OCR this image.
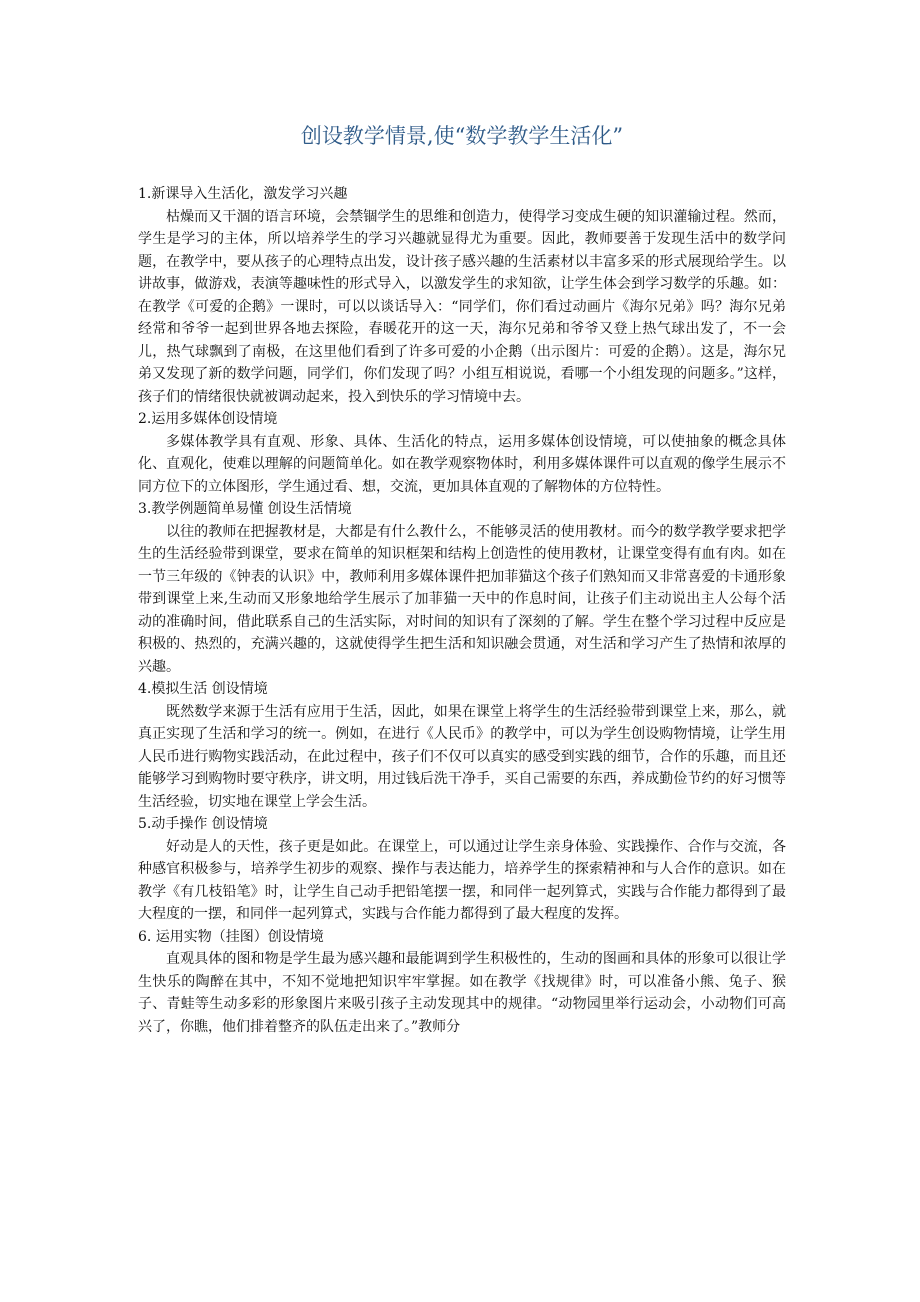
创设教学情景,使“数学教学生活化”

1.新课导入生活化，激发学习兴趣

枯燥而又干涸的语言环境，会禁锢学生的思维和创造力，使得学习变成生硬的知识灌输过程。然而，学生是学习的主体，所以培养学生的学习兴趣就显得尤为重要。因此，教师要善于发现生活中的数学问题，在教学中，要从孩子的心理特点出发，设计孩子感兴趣的生活素材以丰富多采的形式展现给学生。以讲故事，做游戏，表演等趣味性的形式导入，以激发学生的求知欲，让学生体会到学习数学的乐趣。如：在教学《可爱的企鹅》一课时，可以以谈话导入：“同学们，你们看过动画片《海尔兄弟》吗？海尔兄弟经常和爷爷一起到世界各地去探险，春暖花开的这一天，海尔兄弟和爷爷又登上热气球出发了，不一会儿，热气球飘到了南极，在这里他们看到了许多可爱的小企鹅（出示图片：可爱的企鹅）。这是，海尔兄弟又发现了新的数学问题，同学们，你们发现了吗？小组互相说说，看哪一个小组发现的问题多。”这样，孩子们的情绪很快就被调动起来，投入到快乐的学习情境中去。

2.运用多媒体创设情境

多媒体教学具有直观、形象、具体、生活化的特点，运用多媒体创设情境，可以使抽象的概念具体化、直观化，使难以理解的问题简单化。如在教学观察物体时，利用多媒体课件可以直观的像学生展示不同方位下的立体图形，学生通过看、想，交流，更加具体直观的了解物体的方位特性。

3.教学例题简单易懂 创设生活情境

以往的教师在把握教材是，大都是有什么教什么，不能够灵活的使用教材。而今的数学教学要求把学生的生活经验带到课堂，要求在简单的知识框架和结构上创造性的使用教材，让课堂变得有血有肉。如在一节三年级的《钟表的认识》中，教师利用多媒体课件把加菲猫这个孩子们熟知而又非常喜爱的卡通形象带到课堂上来,生动而又形象地给学生展示了加菲猫一天中的作息时间，让孩子们主动说出主人公每个活动的准确时间，借此联系自己的生活实际，对时间的知识有了深刻的了解。学生在整个学习过程中反应是积极的、热烈的，充满兴趣的，这就使得学生把生活和知识融会贯通，对生活和学习产生了热情和浓厚的兴趣。

4.模拟生活 创设情境

既然数学来源于生活有应用于生活，因此，如果在课堂上将学生的生活经验带到课堂上来，那么，就真正实现了生活和学习的统一。例如，在进行《人民币》的教学中，可以为学生创设购物情境，让学生用人民币进行购物实践活动，在此过程中，孩子们不仅可以真实的感受到实践的细节，合作的乐趣，而且还能够学习到购物时要守秩序，讲文明，用过钱后洗干净手，买自己需要的东西，养成勤俭节约的好习惯等生活经验，切实地在课堂上学会生活。

5.动手操作 创设情境

好动是人的天性，孩子更是如此。在课堂上，可以通过让学生亲身体验、实践操作、合作与交流，各种感官积极参与，培养学生初步的观察、操作与表达能力，培养学生的探索精神和与人合作的意识。如在教学《有几枝铅笔》时，让学生自己动手把铅笔摆一摆，和同伴一起列算式，实践与合作能力都得到了最大程度的一摆，和同伴一起列算式，实践与合作能力都得到了最大程度的发挥。

6. 运用实物（挂图）创设情境

直观具体的图和物是学生最为感兴趣和最能调到学生积极性的，生动的图画和具体的形象可以很让学生快乐的陶醉在其中，不知不觉地把知识牢牢掌握。如在教学《找规律》时，可以准备小熊、兔子、猴子、青蛙等生动多彩的形象图片来吸引孩子主动发现其中的规律。“动物园里举行运动会，小动物们可高兴了，你瞧，他们排着整齐的队伍走出来了。”教师分
